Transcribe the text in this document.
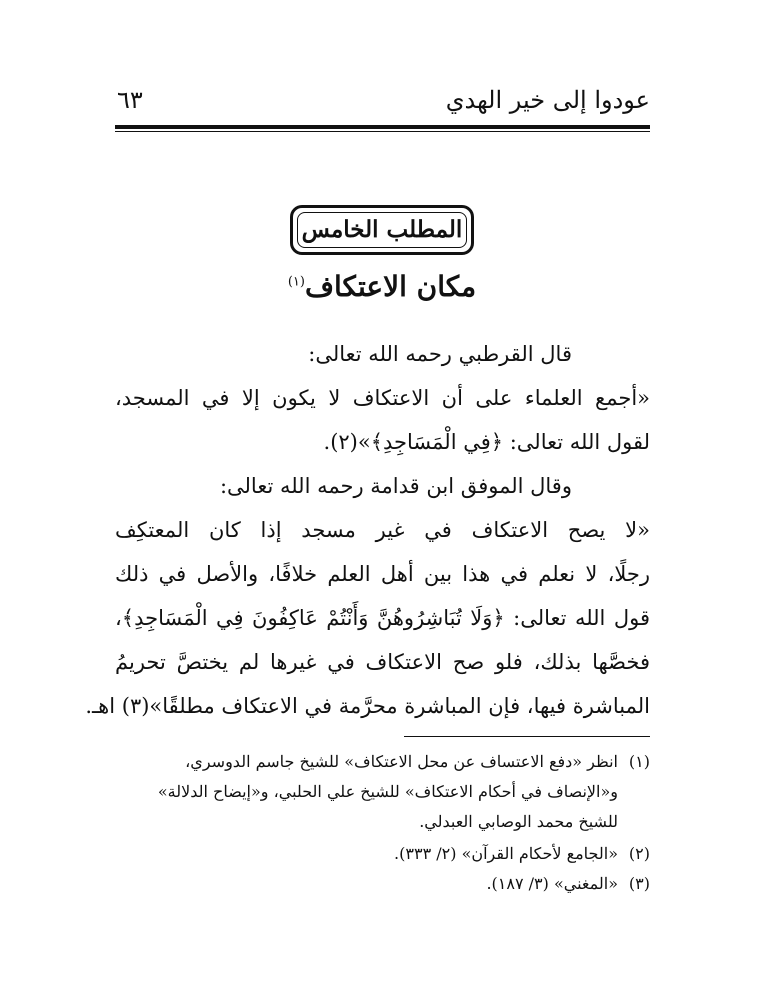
عودوا إلى خير الهدي
٦٣
المطلب الخامس
مكان الاعتكاف$^{(١)}$
قال القرطبي رحمه الله تعالى:
«أجمع العلماء على أن الاعتكاف لا يكون إلا في المسجد،
لقول الله تعالى: ﴿فِي الْمَسَاجِدِ﴾»(٢).
وقال الموفق ابن قدامة رحمه الله تعالى:
«لا يصح الاعتكاف في غير مسجد إذا كان المعتكِف
رجلًا، لا نعلم في هذا بين أهل العلم خلافًا، والأصل في ذلك
قول الله تعالى: ﴿وَلَا تُبَاشِرُوهُنَّ وَأَنْتُمْ عَاكِفُونَ فِي الْمَسَاجِدِ﴾،
فخصَّها بذلك، فلو صح الاعتكاف في غيرها لم يختصَّ تحريمُ
المباشرة فيها، فإن المباشرة محرَّمة في الاعتكاف مطلقًا»(٣) اهـ.
(١)انظر «دفع الاعتساف عن محل الاعتكاف» للشيخ جاسم الدوسري،
و«الإنصاف في أحكام الاعتكاف» للشيخ علي الحلبي، و«إيضاح الدلالة»
للشيخ محمد الوصابي العبدلي.
(٢)«الجامع لأحكام القرآن» (٢/ ٣٣٣).
(٣)«المغني» (٣/ ١٨٧).
